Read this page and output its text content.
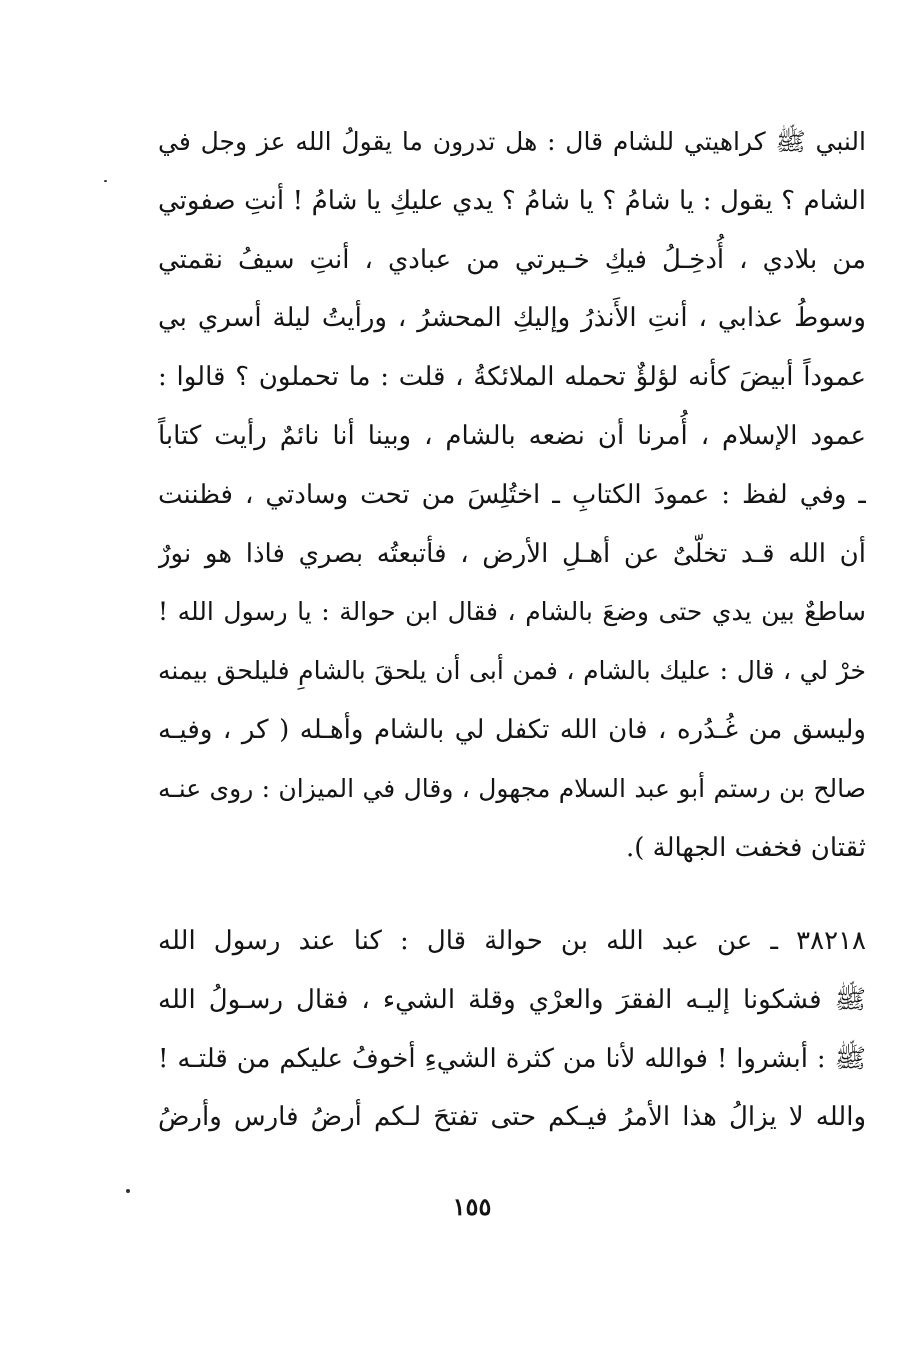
النبي ﷺ كراهيتي للشام قال : هل تدرون ما يقولُ الله عز وجل في
الشام ؟ يقول : يا شامُ ؟ يا شامُ ؟ يدي عليكِ يا شامُ ! أنتِ صفوتي
من بلادي ، أُدخِـلُ فيكِ خـيرتي من عبادي ، أنتِ سيفُ نقمتي
وسوطُ عذابي ، أنتِ الأَنذرُ وإليكِ المحشرُ ، ورأيتُ ليلة أسري بي
عموداً أبيضَ كأنه لؤلؤٌ تحمله الملائكةُ ، قلت : ما تحملون ؟ قالوا :
عمود الإسلام ، أُمرنا أن نضعه بالشام ، وبينا أنا نائمٌ رأيت كتاباً
ـ وفي لفظ : عمودَ الكتابِ ـ اختُلِسَ من تحت وسادتي ، فظننت
أن الله قـد تخلّىٌ عن أهـلِ الأرض ، فأتبعتُه بصري فاذا هو نورٌ
ساطعٌ بين يدي حتى وضعَ بالشام ، فقال ابن حوالة : يا رسول الله !
خرْ لي ، قال : عليك بالشام ، فمن أبى أن يلحقَ بالشامِ فليلحق بيمنه
وليسق من غُـدُره ، فان الله تكفل لي بالشام وأهـله ( كر ، وفيـه
صالح بن رستم أبو عبد السلام مجهول ، وقال في الميزان : روى عنـه
ثقتان فخفت الجهالة ).
٣٨٢١٨ ـ عن عبد الله بن حوالة قال : كنا عند رسول الله
ﷺ فشكونا إليـه الفقرَ والعرْي وقلة الشيء ، فقال رسـولُ الله
ﷺ : أبشروا ! فوالله لأنا من كثرة الشيءِ أخوفُ عليكم من قلتـه !
والله لا يزالُ هذا الأمرُ فيـكم حتى تفتحَ لـكم أرضُ فارس وأرضُ
١٥٥
